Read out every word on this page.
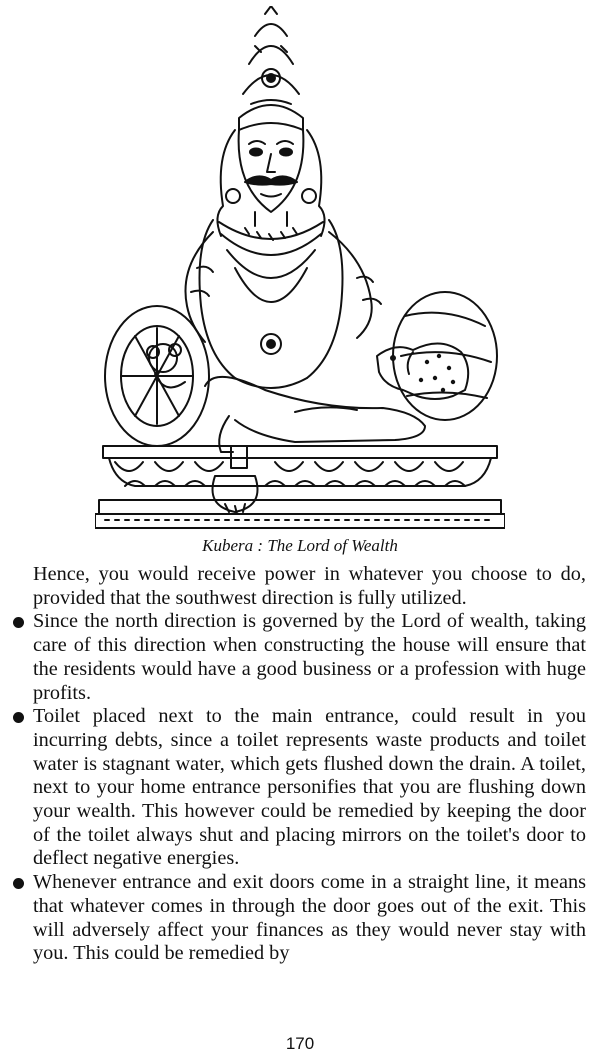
Kubera : The Lord of Wealth

Hence, you would receive power in whatever you choose to do, provided that the southwest direction is fully utilized.

Since the north direction is governed by the Lord of wealth, taking care of this direction when constructing the house will ensure that the residents would have a good business or a profession with huge profits.
Toilet placed next to the main entrance, could result in you incurring debts, since a toilet represents waste products and toilet water is stagnant water, which gets flushed down the drain. A toilet, next to your home entrance personifies that you are flushing down your wealth. This however could be remedied by keeping the door of the toilet always shut and placing mirrors on the toilet's door to deflect negative energies.
Whenever entrance and exit doors come in a straight line, it means that whatever comes in through the door goes out of the exit. This will adversely affect your finances as they would never stay with you. This could be remedied by
170
